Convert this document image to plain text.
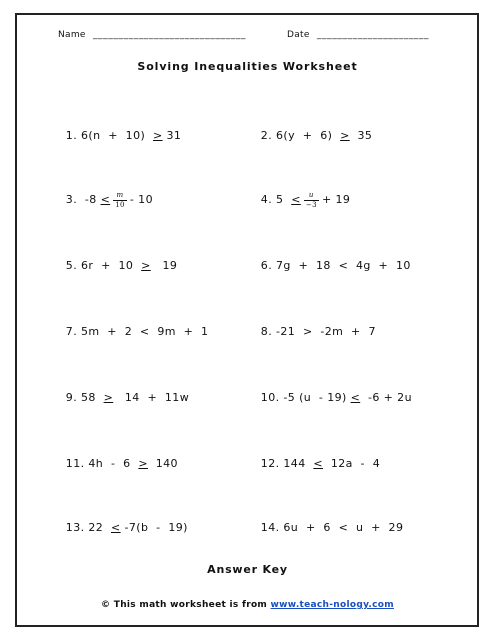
Name ______________________________	Date ______________________
Solving Inequalities Worksheet

1. 6(n  +  10)  > 31	2. 6(y  +  6)  >  35

3.  $-8 < \frac{m}{10} - 10$	4. $5 < \frac{u}{-3} + 19$

5. 6r  +  10  >   19	6. 7g  +  18  <  4g  +  10

7. 5m  +  2  <  9m  +  1	8. -21  >  -2m  +  7

9. 58  >   14  +  11w	10. -5 (u  - 19) <  -6 + 2u

11. 4h  -  6  >  140	12. 144  <  12a  -  4

13. 22  < -7(b  -  19)	14. 6u  +  6  <  u  +  29

Answer Key
© This math worksheet is from www.teach-nology.com
